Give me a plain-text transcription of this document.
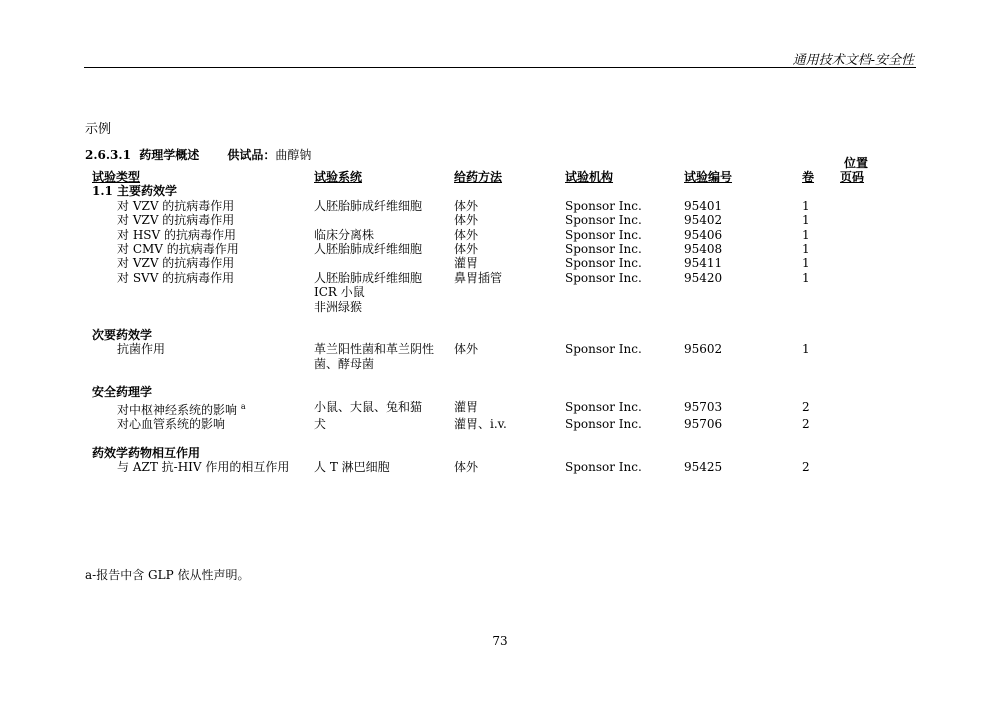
通用技术文档-安全性
示例
2.6.3.1 药理学概述 供试品：曲醇钠
试验类型	试验系统	给药方法	试验机构	试验编号	卷	位置
页码

1.1 主要药效学						
对 VZV 的抗病毒作用	人胚胎肺成纤维细胞	体外	Sponsor Inc.	95401	1	
对 VZV 的抗病毒作用		体外	Sponsor Inc.	95402	1	
对 HSV 的抗病毒作用	临床分离株	体外	Sponsor Inc.	95406	1	
对 CMV 的抗病毒作用	人胚胎肺成纤维细胞	体外	Sponsor Inc.	95408	1	
对 VZV 的抗病毒作用		灌胃	Sponsor Inc.	95411	1	
对 SVV 的抗病毒作用	人胚胎肺成纤维细胞
ICR 小鼠
非洲绿猴	鼻胃插管	Sponsor Inc.	95420	1	

次要药效学						
抗菌作用	革兰阳性菌和革兰阴性
菌、酵母菌	体外	Sponsor Inc.	95602	1	

安全药理学						
对中枢神经系统的影响 $^a$	小鼠、大鼠、兔和猫	灌胃	Sponsor Inc.	95703	2	
对心血管系统的影响	犬	灌胃、i.v.	Sponsor Inc.	95706	2	

药效学药物相互作用						
与 AZT 抗-HIV 作用的相互作用	人 T 淋巴细胞	体外	Sponsor Inc.	95425	2	
a-报告中含 GLP 依从性声明。
73
